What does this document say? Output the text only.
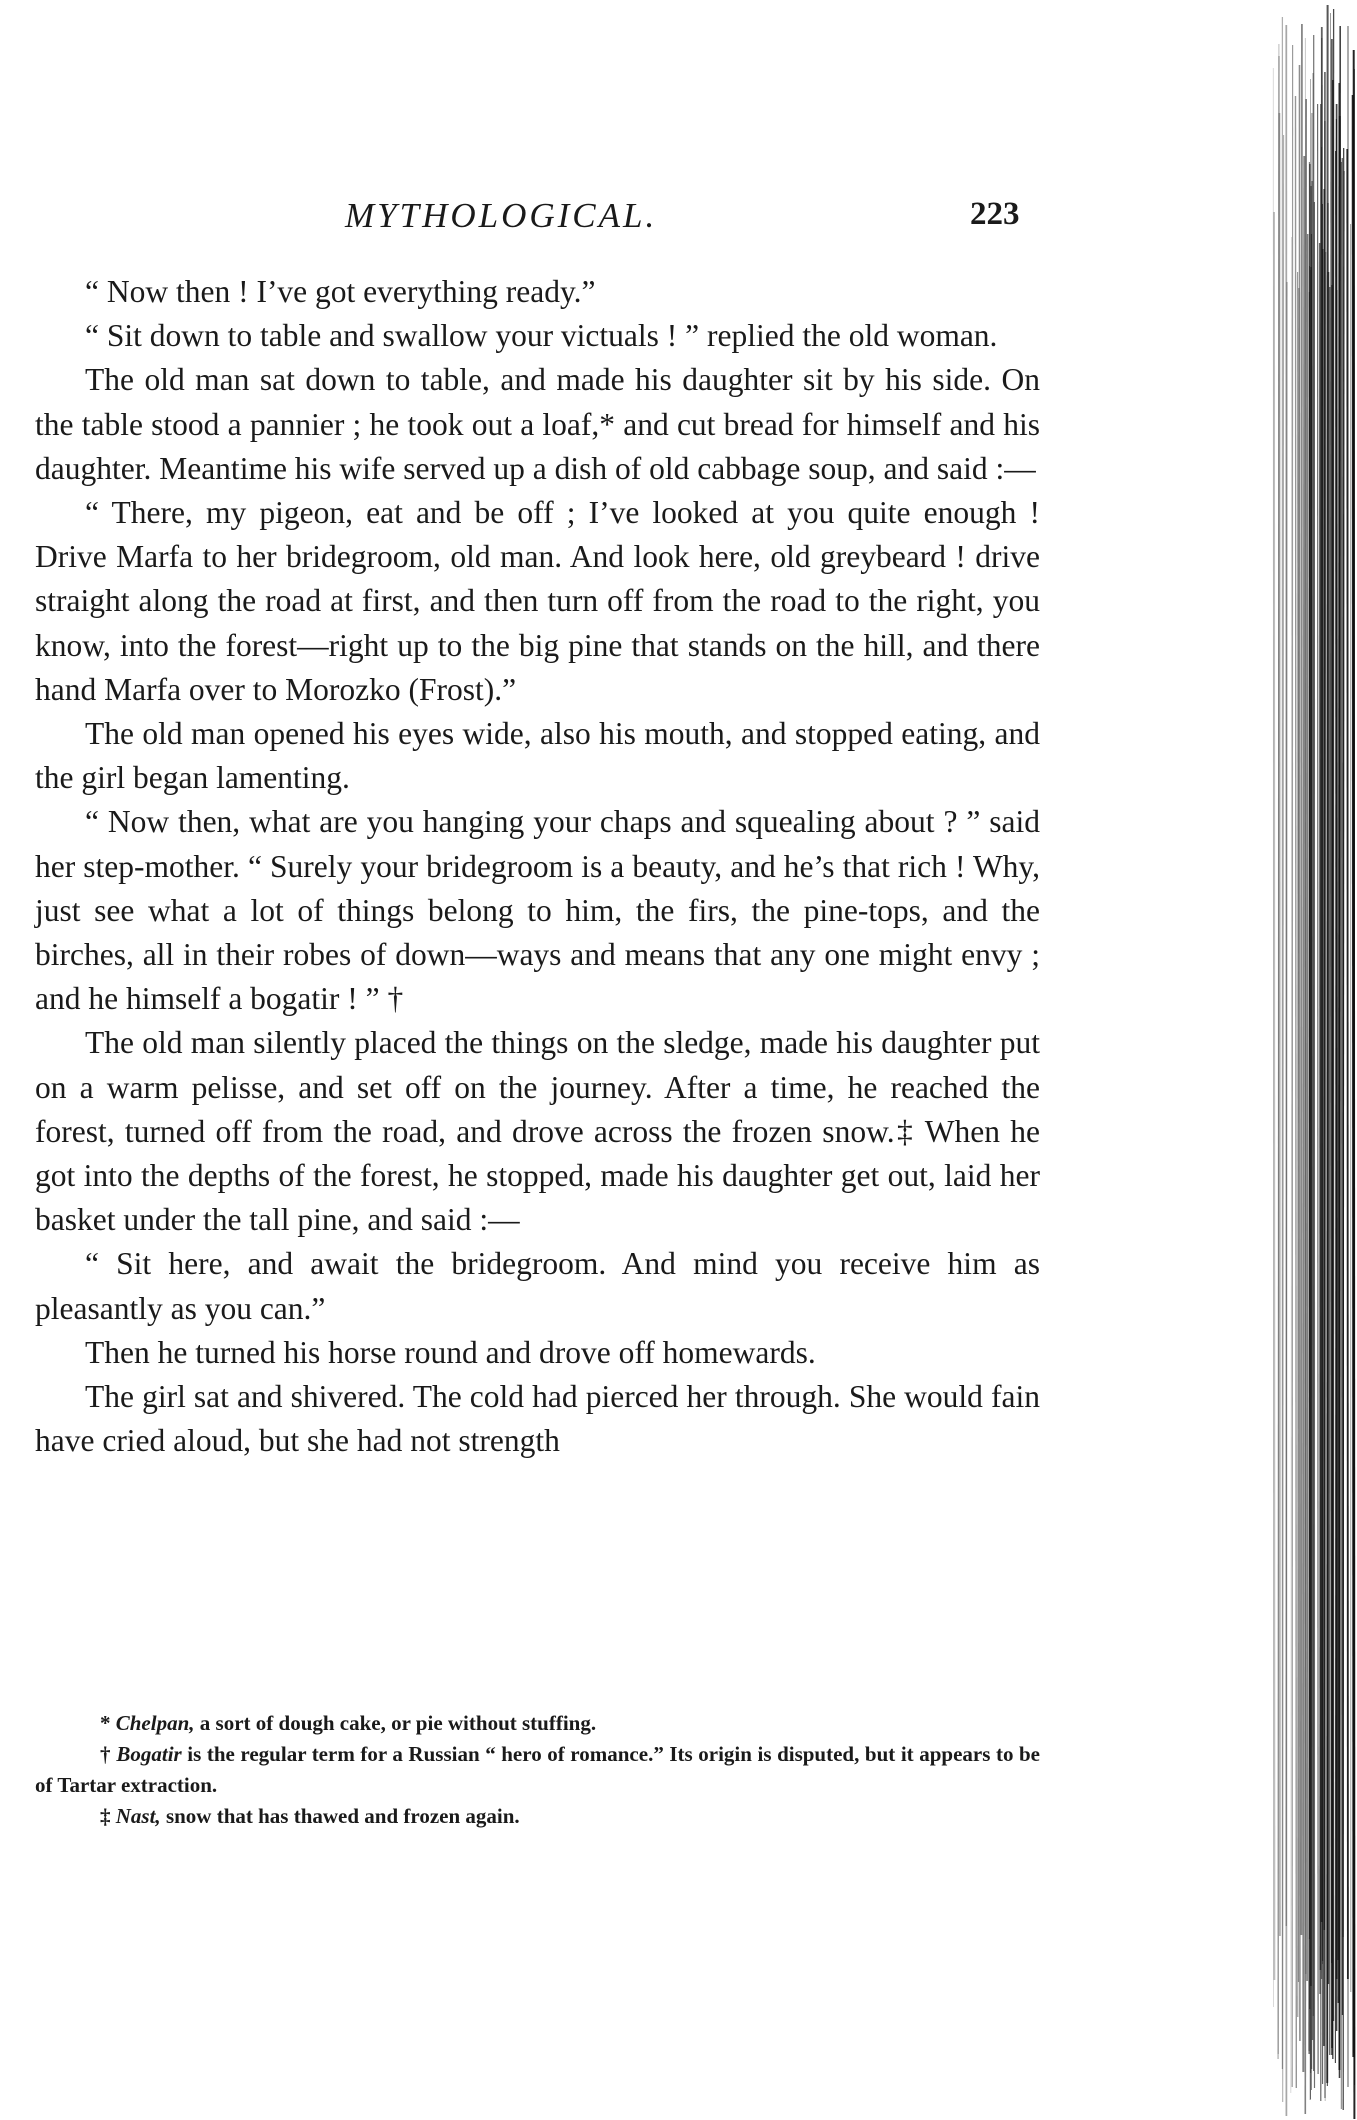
MYTHOLOGICAL.	223

“ Now then ! I’ve got everything ready.”

“ Sit down to table and swallow your victuals ! ” replied the old woman.

The old man sat down to table, and made his daughter sit by his side. On the table stood a pannier ; he took out a loaf,* and cut bread for himself and his daughter. Meantime his wife served up a dish of old cabbage soup, and said :—

“ There, my pigeon, eat and be off ; I’ve looked at you quite enough ! Drive Marfa to her bridegroom, old man. And look here, old greybeard ! drive straight along the road at first, and then turn off from the road to the right, you know, into the forest—right up to the big pine that stands on the hill, and there hand Marfa over to Morozko (Frost).”

The old man opened his eyes wide, also his mouth, and stopped eating, and the girl began lamenting.

“ Now then, what are you hanging your chaps and squealing about ? ” said her step-mother. “ Surely your bridegroom is a beauty, and he’s that rich ! Why, just see what a lot of things belong to him, the firs, the pine-tops, and the birches, all in their robes of down—ways and means that any one might envy ; and he himself a bogatir ! ” †

The old man silently placed the things on the sledge, made his daughter put on a warm pelisse, and set off on the journey. After a time, he reached the forest, turned off from the road, and drove across the frozen snow.‡ When he got into the depths of the forest, he stopped, made his daughter get out, laid her basket under the tall pine, and said :—

“ Sit here, and await the bridegroom. And mind you receive him as pleasantly as you can.”

Then he turned his horse round and drove off homewards.

The girl sat and shivered. The cold had pierced her through. She would fain have cried aloud, but she had not strength

* Chelpan, a sort of dough cake, or pie without stuffing.

† Bogatir is the regular term for a Russian “ hero of romance.” Its origin is disputed, but it appears to be of Tartar extraction.

‡ Nast, snow that has thawed and frozen again.
